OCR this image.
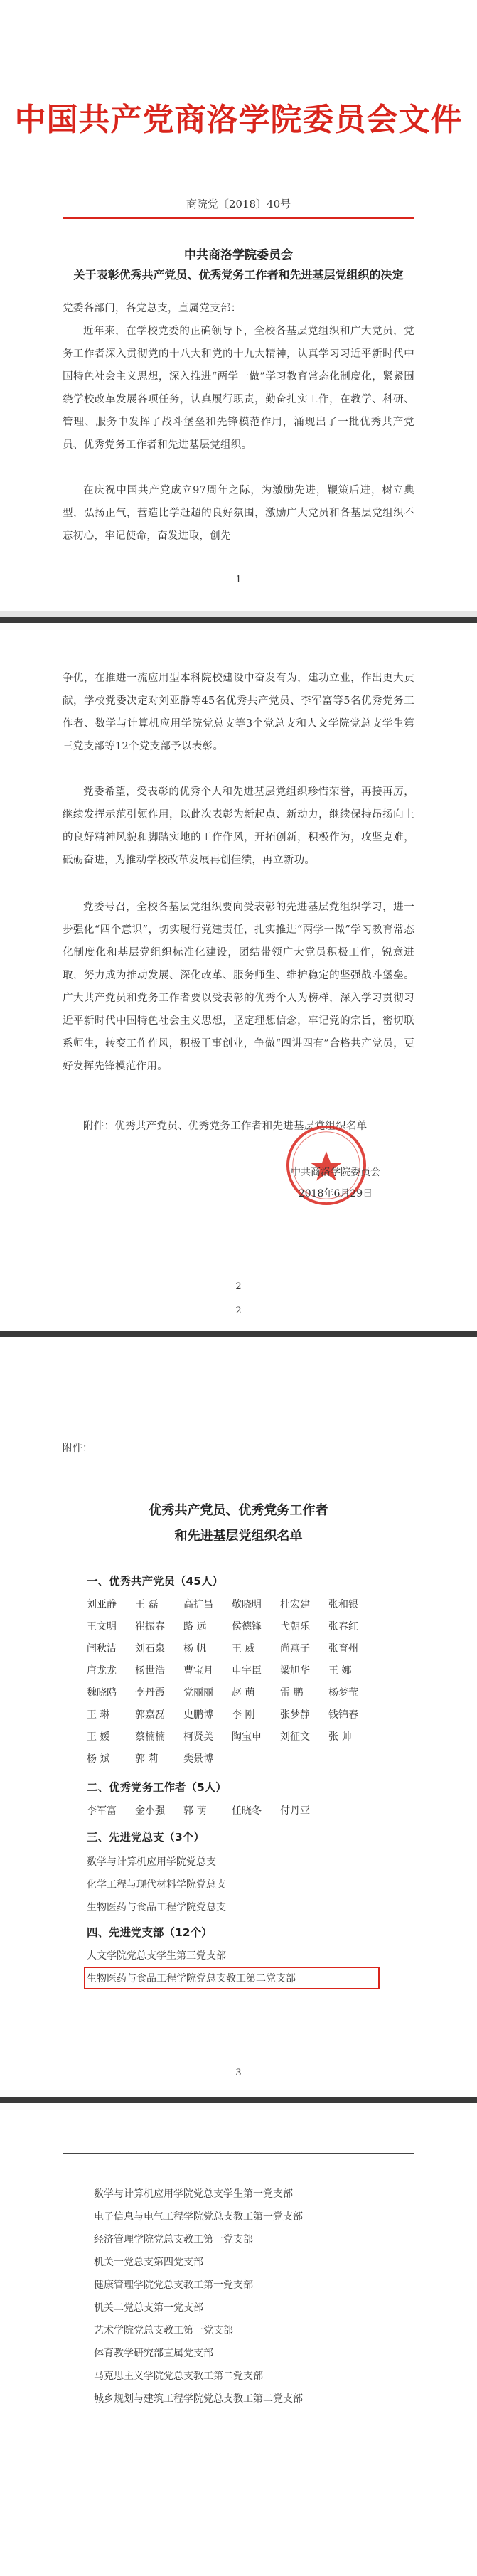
中国共产党商洛学院委员会文件
商院党〔2018〕40号
中共商洛学院委员会
关于表彰优秀共产党员、优秀党务工作者和先进基层党组织的决定
党委各部门，各党总支，直属党支部：
近年来，在学校党委的正确领导下，全校各基层党组织和广大党员，党务工作者深入贯彻党的十八大和党的十九大精神，认真学习习近平新时代中国特色社会主义思想，深入推进“两学一做”学习教育常态化制度化，紧紧围绕学校改革发展各项任务，认真履行职责，勤奋扎实工作，在教学、科研、管理、服务中发挥了战斗堡垒和先锋模范作用，涌现出了一批优秀共产党员、优秀党务工作者和先进基层党组织。
在庆祝中国共产党成立97周年之际，为激励先进，鞭策后进，树立典型，弘扬正气，营造比学赶超的良好氛围，激励广大党员和各基层党组织不忘初心，牢记使命，奋发进取，创先
1
2
争优，在推进一流应用型本科院校建设中奋发有为，建功立业，作出更大贡献，学校党委决定对刘亚静等45名优秀共产党员、李军富等5名优秀党务工作者、数学与计算机应用学院党总支等3个党总支和人文学院党总支学生第三党支部等12个党支部予以表彰。
党委希望，受表彰的优秀个人和先进基层党组织珍惜荣誉，再接再厉，继续发挥示范引领作用，以此次表彰为新起点、新动力，继续保持昂扬向上的良好精神风貌和脚踏实地的工作作风，开拓创新，积极作为，攻坚克难，砥砺奋进，为推动学校改革发展再创佳绩，再立新功。
党委号召，全校各基层党组织要向受表彰的先进基层党组织学习，进一步强化“四个意识”，切实履行党建责任，扎实推进“两学一做”学习教育常态化制度化和基层党组织标准化建设，团结带领广大党员积极工作，锐意进取，努力成为推动发展、深化改革、服务师生、维护稳定的坚强战斗堡垒。广大共产党员和党务工作者要以受表彰的优秀个人为榜样，深入学习贯彻习近平新时代中国特色社会主义思想，坚定理想信念，牢记党的宗旨，密切联系师生，转变工作作风，积极干事创业，争做“四讲四有”合格共产党员，更好发挥先锋模范作用。
附件：优秀共产党员、优秀党务工作者和先进基层党组织名单
中共商洛学院委员会
2018年6月29日
2
附件：
优秀共产党员、优秀党务工作者
和先进基层党组织名单
一、优秀共产党员（45人）
刘亚静	王 磊	高扩昌	敬晓明	杜宏建	张和银
王文明	崔振春	路 远	侯德锋	弋朝乐	张春红
闫秋洁	刘石泉	杨 帆	王 威	尚燕子	张育州
唐龙龙	杨世浩	曹宝月	申宇臣	梁旭华	王 娜
魏晓鸥	李丹霞	党丽丽	赵 萌	雷 鹏	杨梦莹
王 琳	郭嘉磊	史鹏博	李 刚	张梦静	钱锦春
王 媛	蔡楠楠	柯贤美	陶宝申	刘征文	张 帅
杨 斌	郭 莉	樊景博
二、优秀党务工作者（5人）
李军富	金小强	郭 萌	任晓冬	付丹亚
三、先进党总支（3个）
数学与计算机应用学院党总支
化学工程与现代材料学院党总支
生物医药与食品工程学院党总支
四、先进党支部（12个）
人文学院党总支学生第三党支部
生物医药与食品工程学院党总支教工第二党支部
3
数学与计算机应用学院党总支学生第一党支部
电子信息与电气工程学院党总支教工第一党支部
经济管理学院党总支教工第一党支部
机关一党总支第四党支部
健康管理学院党总支教工第一党支部
机关二党总支第一党支部
艺术学院党总支教工第一党支部
体育教学研究部直属党支部
马克思主义学院党总支教工第二党支部
城乡规划与建筑工程学院党总支教工第二党支部
